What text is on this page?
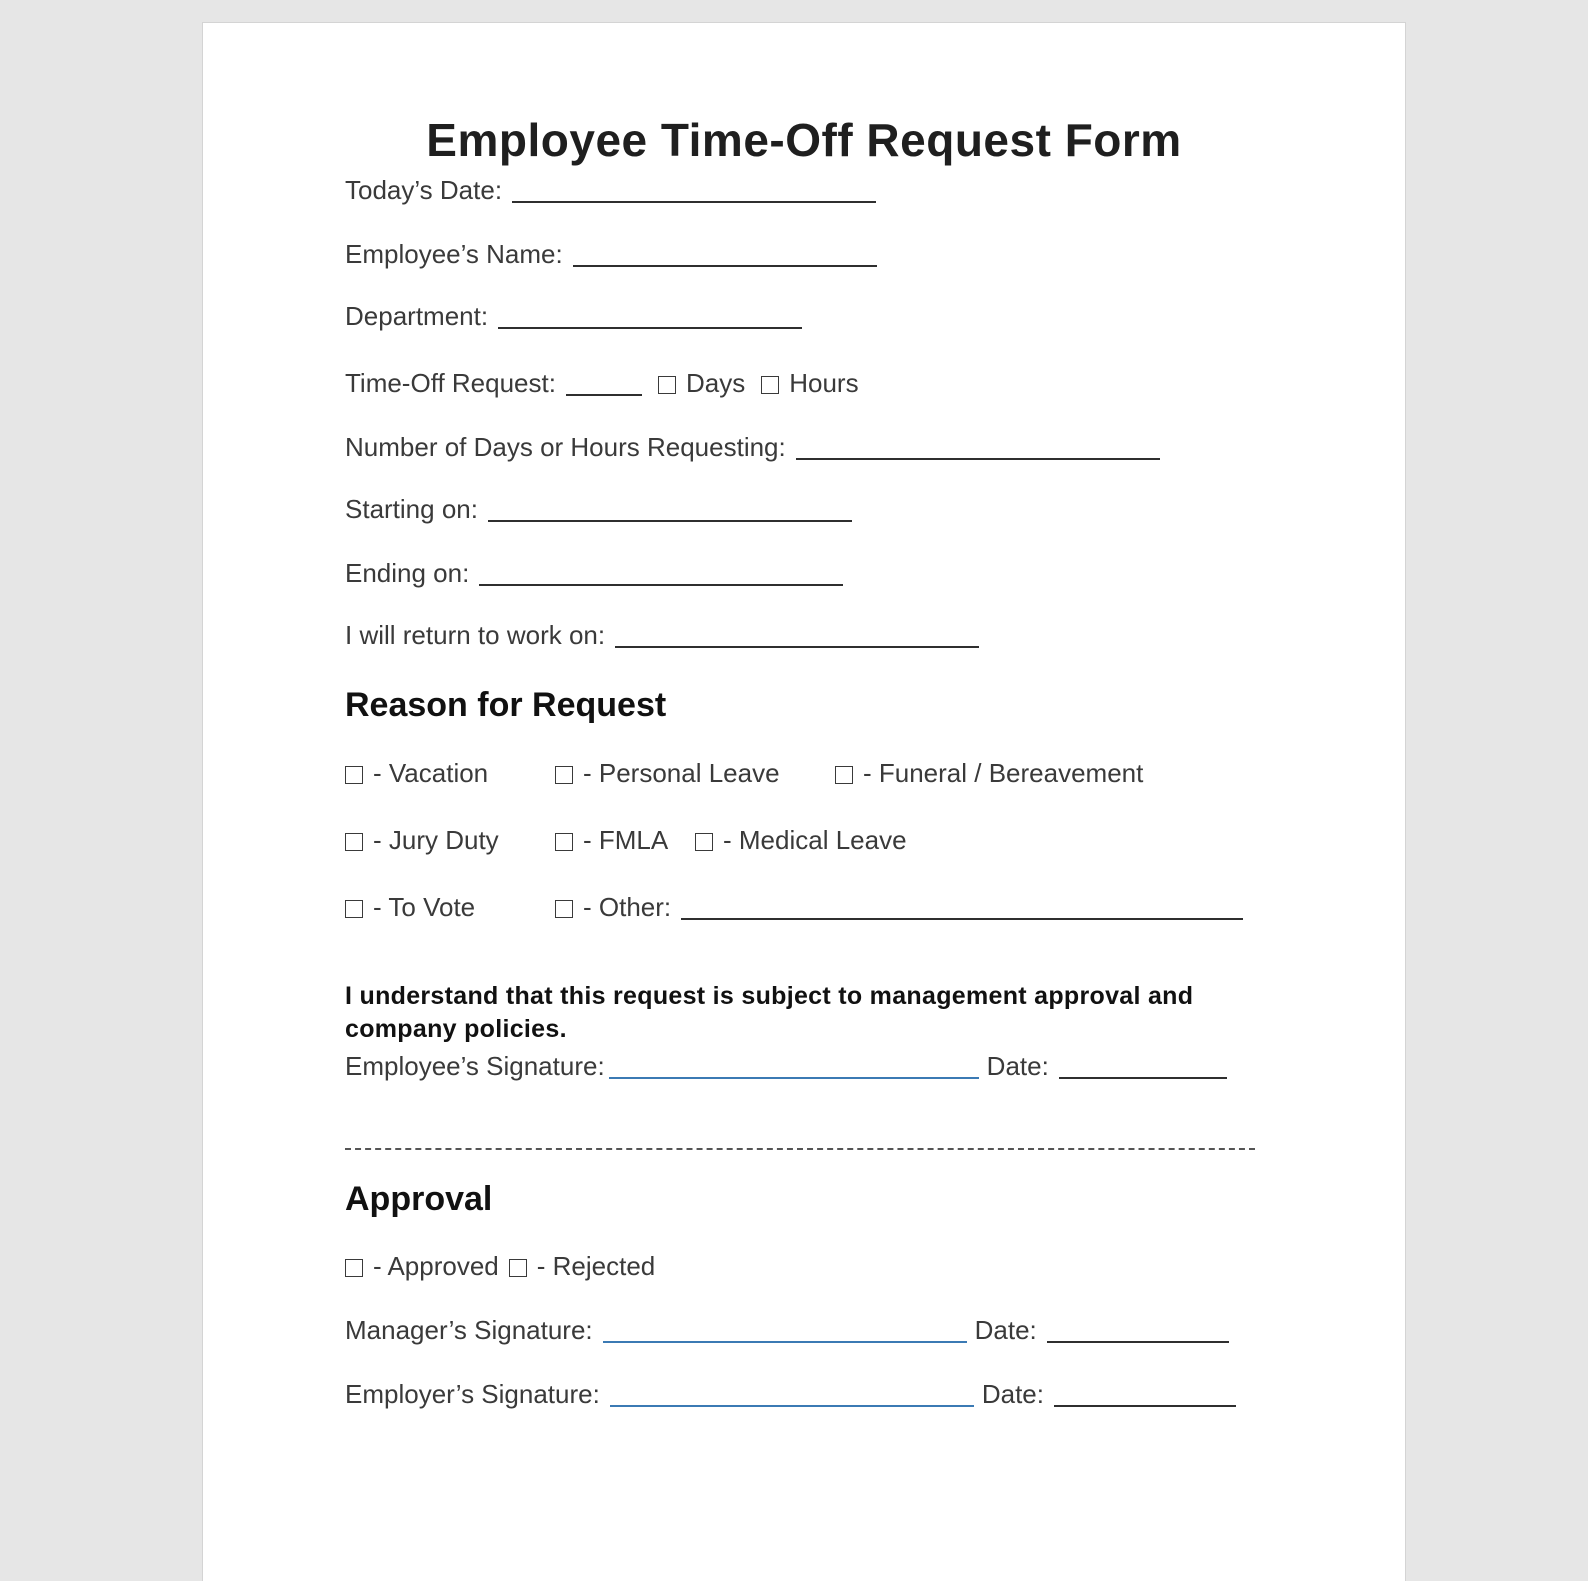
Employee Time-Off Request Form
Today’s Date:
Employee’s Name:
Department:
Time-Off Request:	Days Hours
Number of Days or Hours Requesting:
Starting on:
Ending on:
I will return to work on:
Reason for Request
- Vacation	- Personal Leave	- Funeral / Bereavement
- Jury Duty	- FMLA - Medical Leave
- To Vote	- Other:
I understand that this request is subject to management approval and company policies.
Employee’s Signature:	Date:
Approval
- Approved - Rejected
Manager’s Signature:	Date:
Employer’s Signature:	Date:
